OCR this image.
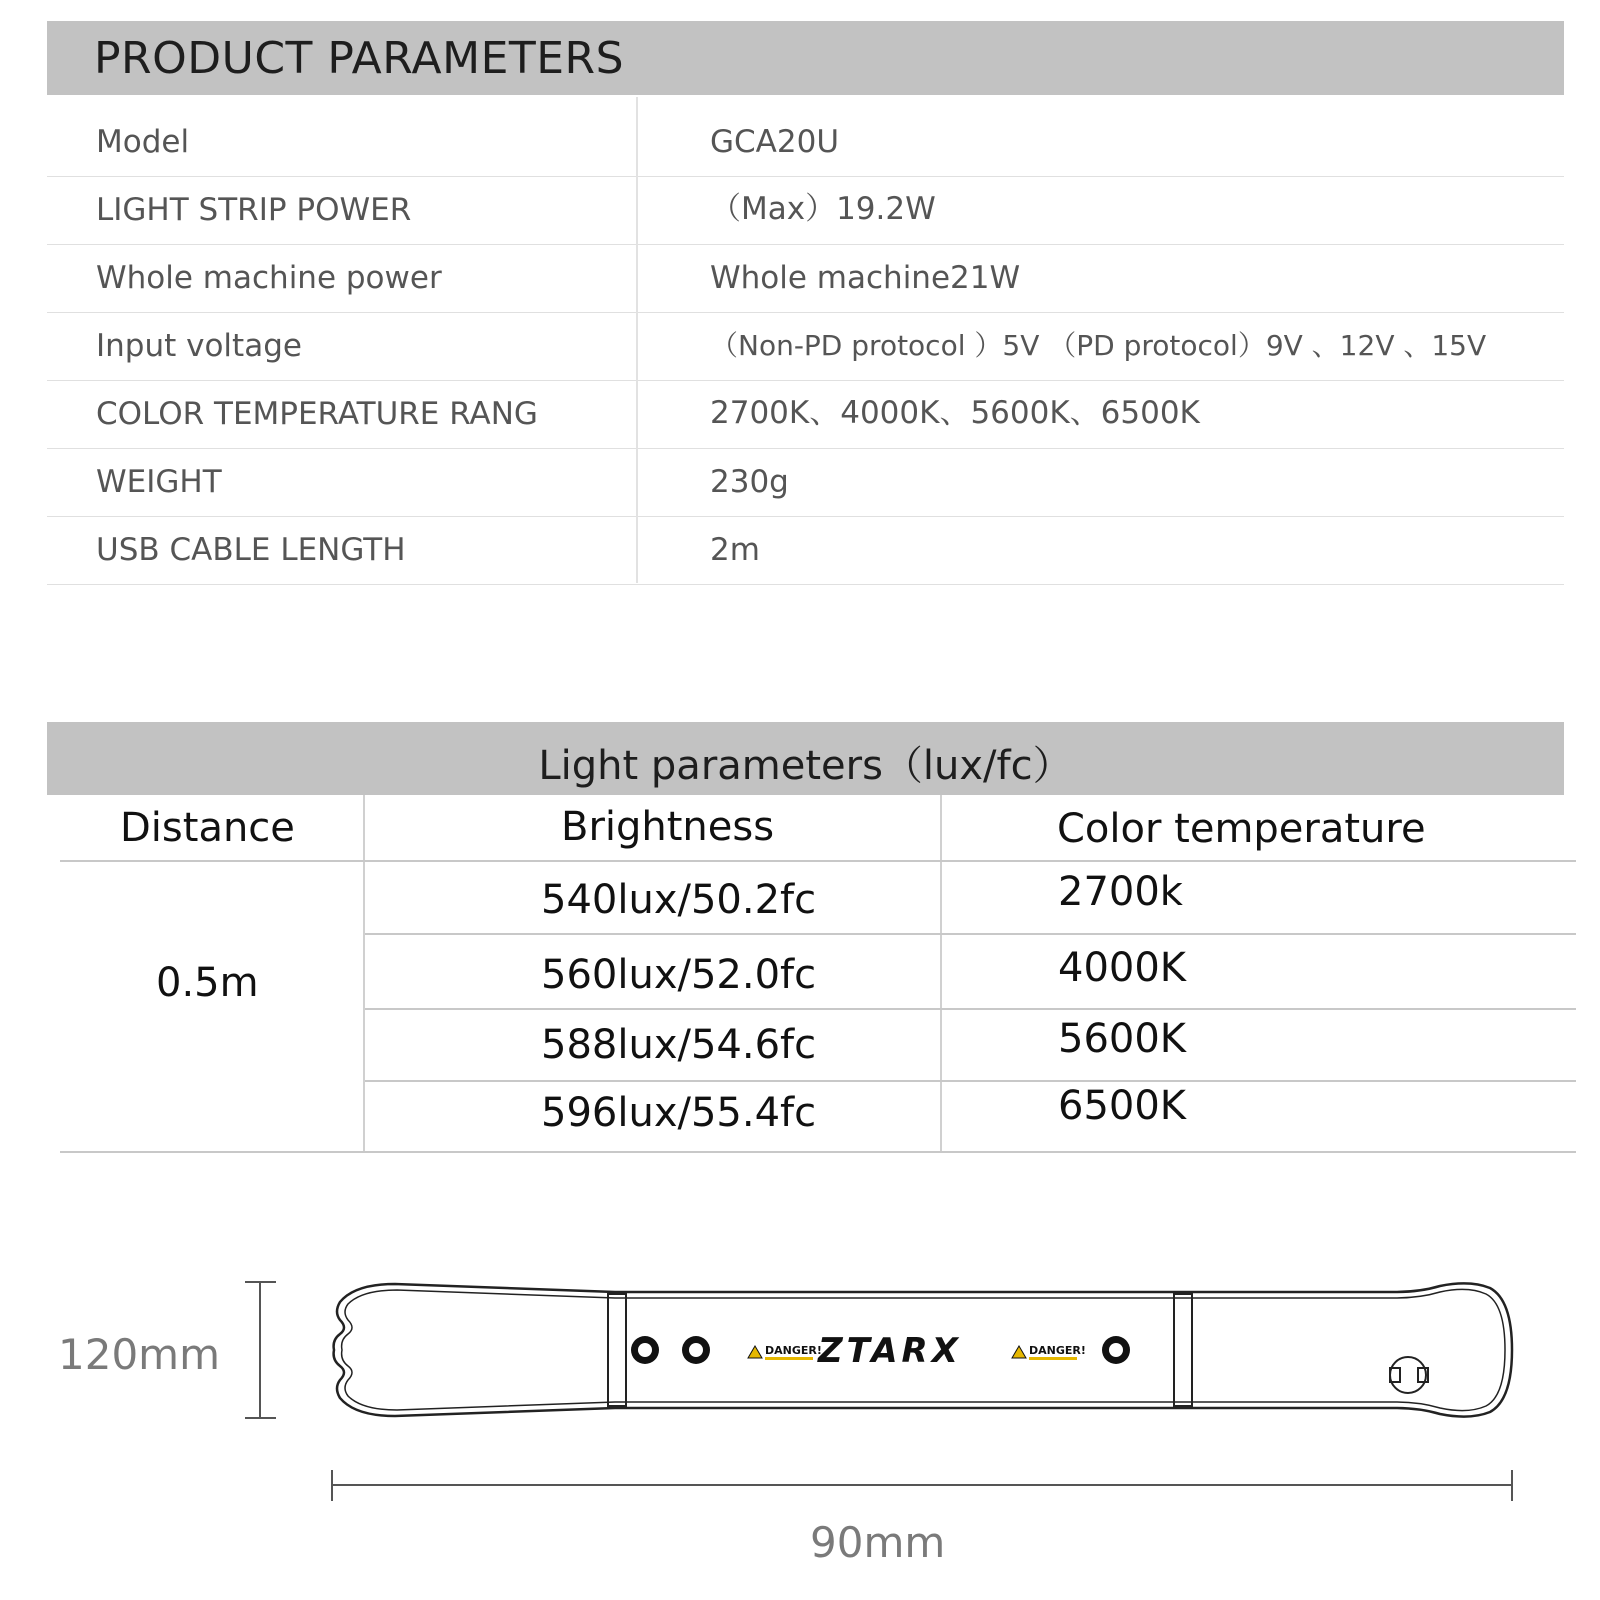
PRODUCT PARAMETERS
Model	GCA20U
LIGHT STRIP POWER	（Max）19.2W
Whole machine power	Whole machine21W
Input voltage	（Non-PD protocol ）5V （PD protocol）9V 、12V 、15V
COLOR TEMPERATURE RANG	2700K、4000K、5600K、6500K
WEIGHT	230g
USB CABLE LENGTH	2m
Light parameters（lux/fc）
Distance	Brightness	Color temperature
0.5m
540lux/50.2fc	2700k
560lux/52.0fc	4000K
588lux/54.6fc	5600K
596lux/55.4fc	6500K
120mm
90mm
DANGER!
ZTARX	DANGER!
